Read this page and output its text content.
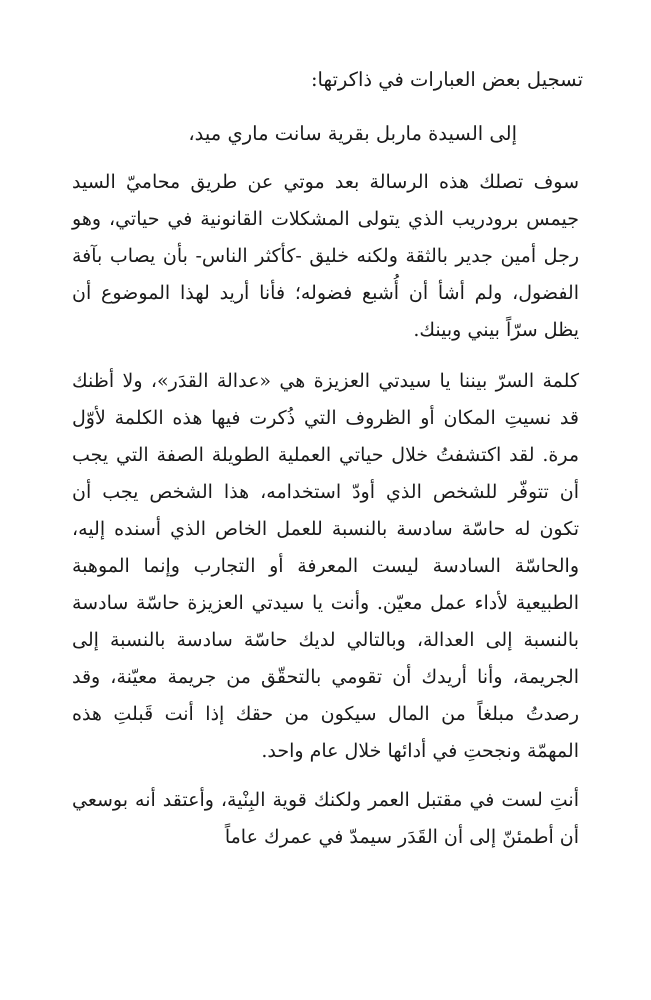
تسجيل بعض العبارات في ذاكرتها:

إلى السيدة ماربل بقرية سانت ماري ميد،

سوف تصلك هذه الرسالة بعد موتي عن طريق محاميّ السيد جيمس برودريب الذي يتولى المشكلات القانونية في حياتي، وهو رجل أمين جدير بالثقة ولكنه خليق -كأكثر الناس- بأن يصاب بآفة الفضول، ولم أشأ أن أُشبع فضوله؛ فأنا أريد لهذا الموضوع أن يظل سرّاً بيني وبينك.

كلمة السرّ بيننا يا سيدتي العزيزة هي «عدالة القدَر»، ولا أظنك قد نسيتِ المكان أو الظروف التي ذُكرت فيها هذه الكلمة لأوّل مرة. لقد اكتشفتُ خلال حياتي العملية الطويلة الصفة التي يجب أن تتوفّر للشخص الذي أودّ استخدامه، هذا الشخص يجب أن تكون له حاسّة سادسة بالنسبة للعمل الخاص الذي أسنده إليه، والحاسّة السادسة ليست المعرفة أو التجارب وإنما الموهبة الطبيعية لأداء عمل معيّن. وأنت يا سيدتي العزيزة حاسّة سادسة بالنسبة إلى العدالة، وبالتالي لديك حاسّة سادسة بالنسبة إلى الجريمة، وأنا أريدك أن تقومي بالتحقّق من جريمة معيّنة، وقد رصدتُ مبلغاً من المال سيكون من حقك إذا أنت قَبلتِ هذه المهمّة ونجحتِ في أدائها خلال عام واحد.

أنتِ لست في مقتبل العمر ولكنك قوية البِنْية، وأعتقد أنه بوسعي أن أطمئنّ إلى أن القَدَر سيمدّ في عمرك عاماً
